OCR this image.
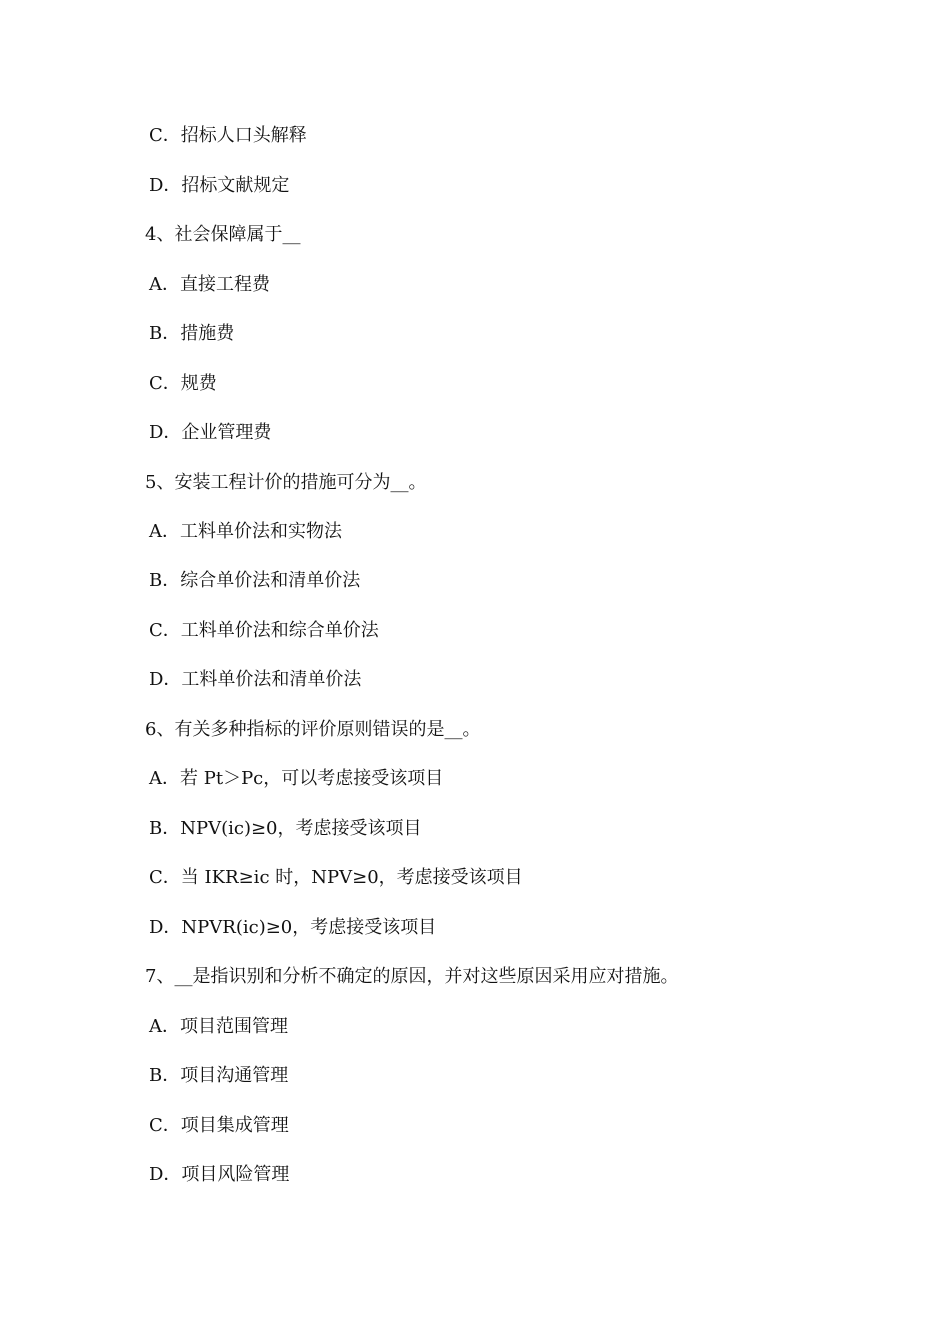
C．招标人口头解释
D．招标文献规定
4、社会保障属于__
A．直接工程费
B．措施费
C．规费
D．企业管理费
5、安装工程计价的措施可分为__。
A．工料单价法和实物法
B．综合单价法和清单价法
C．工料单价法和综合单价法
D．工料单价法和清单价法
6、有关多种指标的评价原则错误的是__。
A．若 Pt＞Pc，可以考虑接受该项目
B．NPV(ic)≥0，考虑接受该项目
C．当 IKR≥ic 时，NPV≥0，考虑接受该项目
D．NPVR(ic)≥0，考虑接受该项目
7、__是指识别和分析不确定的原因，并对这些原因采用应对措施。
A．项目范围管理
B．项目沟通管理
C．项目集成管理
D．项目风险管理
